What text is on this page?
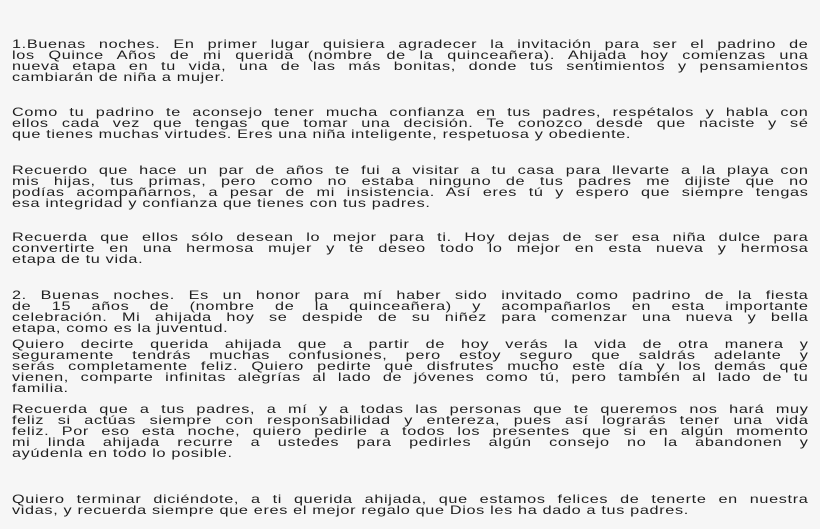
1.Buenas noches. En primer lugar quisiera agradecer la invitación para ser el padrino de
los Quince Años de mi querida (nombre de la quinceañera). Ahijada hoy comienzas una
nueva etapa en tu vida, una de las más bonitas, donde tus sentimientos y pensamientos
cambiarán de niña a mujer.
Como tu padrino te aconsejo tener mucha confianza en tus padres, respétalos y habla con
ellos cada vez que tengas que tomar una decisión. Te conozco desde que naciste y sé
que tienes muchas virtudes. Eres una niña inteligente, respetuosa y obediente.
Recuerdo que hace un par de años te fui a visitar a tu casa para llevarte a la playa con
mis hijas, tus primas, pero como no estaba ninguno de tus padres me dijiste que no
podías acompañarnos, a pesar de mi insistencia. Así eres tú y espero que siempre tengas
esa integridad y confianza que tienes con tus padres.
Recuerda que ellos sólo desean lo mejor para ti. Hoy dejas de ser esa niña dulce para
convertirte en una hermosa mujer y te deseo todo lo mejor en esta nueva y hermosa
etapa de tu vida.
2. Buenas noches. Es un honor para mí haber sido invitado como padrino de la fiesta
de 15 años de (nombre de la quinceañera) y acompañarlos en esta importante
celebración. Mi ahijada hoy se despide de su niñez para comenzar una nueva y bella
etapa, como es la juventud.
Quiero decirte querida ahijada que a partir de hoy verás la vida de otra manera y
seguramente tendrás muchas confusiones, pero estoy seguro que saldrás adelante y
serás completamente feliz. Quiero pedirte que disfrutes mucho este día y los demás que
vienen, comparte infinitas alegrías al lado de jóvenes como tú, pero también al lado de tu
familia.
Recuerda que a tus padres, a mí y a todas las personas que te queremos nos hará muy
feliz si actúas siempre con responsabilidad y entereza, pues así lograrás tener una vida
feliz. Por eso esta noche, quiero pedirle a todos los presentes que si en algún momento
mi linda ahijada recurre a ustedes para pedirles algún consejo no la abandonen y
ayúdenla en todo lo posible.
Quiero terminar diciéndote, a ti querida ahijada, que estamos felices de tenerte en nuestra
vidas, y recuerda siempre que eres el mejor regalo que Dios les ha dado a tus padres.
